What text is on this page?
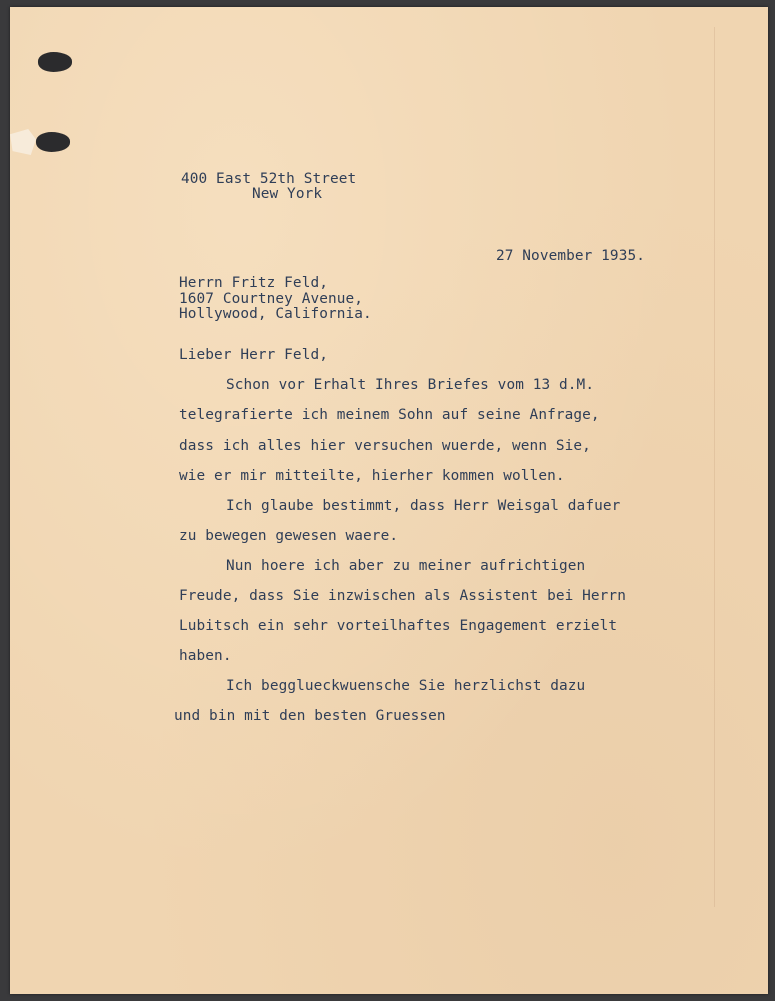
400 East 52th Street
New York
27 November 1935.
Herrn Fritz Feld,
1607 Courtney Avenue,
Hollywood, California.
Lieber Herr Feld,
Schon vor Erhalt Ihres Briefes vom 13 d.M.
telegrafierte ich meinem Sohn auf seine Anfrage,
dass ich alles hier versuchen wuerde, wenn Sie,
wie er mir mitteilte, hierher kommen wollen.
Ich glaube bestimmt, dass Herr Weisgal dafuer
zu bewegen gewesen waere.
Nun hoere ich aber zu meiner aufrichtigen
Freude, dass Sie inzwischen als Assistent bei Herrn
Lubitsch ein sehr vorteilhaftes Engagement erzielt
haben.
Ich begglueckwuensche Sie herzlichst dazu
und bin mit den besten Gruessen
